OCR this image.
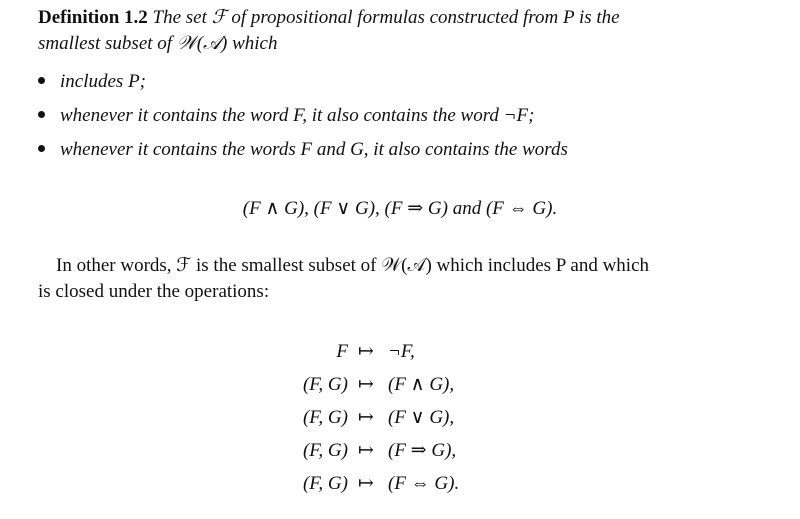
Definition 1.2 The set ℱ of propositional formulas constructed from P is the
smallest subset of 𝒲(𝒜) which
includes P;
whenever it contains the word F, it also contains the word ¬F;
whenever it contains the words F and G, it also contains the words
(F ∧ G), (F ∨ G), (F ⇒ G) and (F ⇔ G).
In other words, ℱ is the smallest subset of 𝒲(𝒜) which includes P and which
is closed under the operations:
F ↦ ¬F,
(F, G) ↦ (F ∧ G),
(F, G) ↦ (F ∨ G),
(F, G) ↦ (F ⇒ G),
(F, G) ↦ (F ⇔ G).
